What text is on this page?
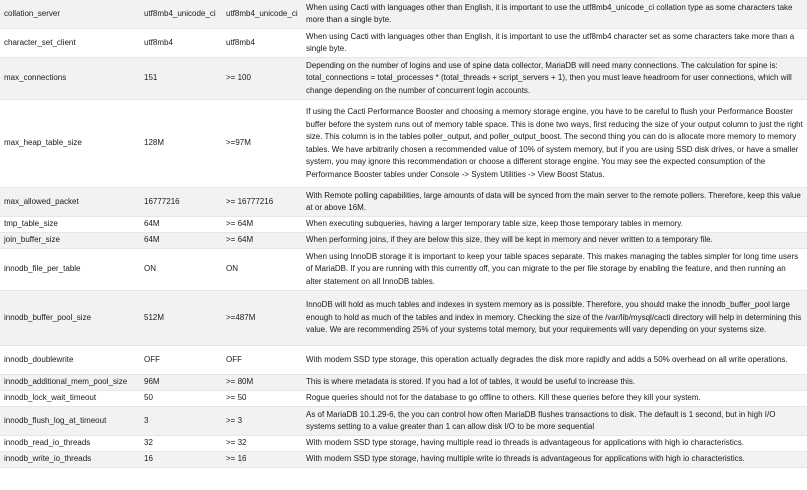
collation_server	utf8mb4_unicode_ci	utf8mb4_unicode_ci	When using Cacti with languages other than English, it is important to use the utf8mb4_unicode_ci collation type as some characters take more than a single byte.
character_set_client	utf8mb4	utf8mb4	When using Cacti with languages other than English, it is important to use the utf8mb4 character set as some characters take more than a single byte.
max_connections	151	>= 100	Depending on the number of logins and use of spine data collector, MariaDB will need many connections. The calculation for spine is: total_connections = total_processes * (total_threads + script_servers + 1), then you must leave headroom for user connections, which will change depending on the number of concurrent login accounts.
max_heap_table_size	128M	>=97M	If using the Cacti Performance Booster and choosing a memory storage engine, you have to be careful to flush your Performance Booster buffer before the system runs out of memory table space. This is done two ways, first reducing the size of your output column to just the right size. This column is in the tables poller_output, and poller_output_boost. The second thing you can do is allocate more memory to memory tables. We have arbitrarily chosen a recommended value of 10% of system memory, but if you are using SSD disk drives, or have a smaller system, you may ignore this recommendation or choose a different storage engine. You may see the expected consumption of the Performance Booster tables under Console -> System Utilities -> View Boost Status.
max_allowed_packet	16777216	>= 16777216	With Remote polling capabilities, large amounts of data will be synced from the main server to the remote pollers. Therefore, keep this value at or above 16M.
tmp_table_size	64M	>= 64M	When executing subqueries, having a larger temporary table size, keep those temporary tables in memory.
join_buffer_size	64M	>= 64M	When performing joins, if they are below this size, they will be kept in memory and never written to a temporary file.
innodb_file_per_table	ON	ON	When using InnoDB storage it is important to keep your table spaces separate. This makes managing the tables simpler for long time users of MariaDB. If you are running with this currently off, you can migrate to the per file storage by enabling the feature, and then running an alter statement on all InnoDB tables.
innodb_buffer_pool_size	512M	>=487M	InnoDB will hold as much tables and indexes in system memory as is possible. Therefore, you should make the innodb_buffer_pool large enough to hold as much of the tables and index in memory. Checking the size of the /var/lib/mysql/cacti directory will help in determining this value. We are recommending 25% of your systems total memory, but your requirements will vary depending on your systems size.
innodb_doublewrite	OFF	OFF	With modern SSD type storage, this operation actually degrades the disk more rapidly and adds a 50% overhead on all write operations.
innodb_additional_mem_pool_size	96M	>= 80M	This is where metadata is stored. If you had a lot of tables, it would be useful to increase this.
innodb_lock_wait_timeout	50	>= 50	Rogue queries should not for the database to go offline to others. Kill these queries before they kill your system.
innodb_flush_log_at_timeout	3	>= 3	As of MariaDB 10.1.29-6, the you can control how often MariaDB flushes transactions to disk. The default is 1 second, but in high I/O systems setting to a value greater than 1 can allow disk I/O to be more sequential
innodb_read_io_threads	32	>= 32	With modern SSD type storage, having multiple read io threads is advantageous for applications with high io characteristics.
innodb_write_io_threads	16	>= 16	With modern SSD type storage, having multiple write io threads is advantageous for applications with high io characteristics.
